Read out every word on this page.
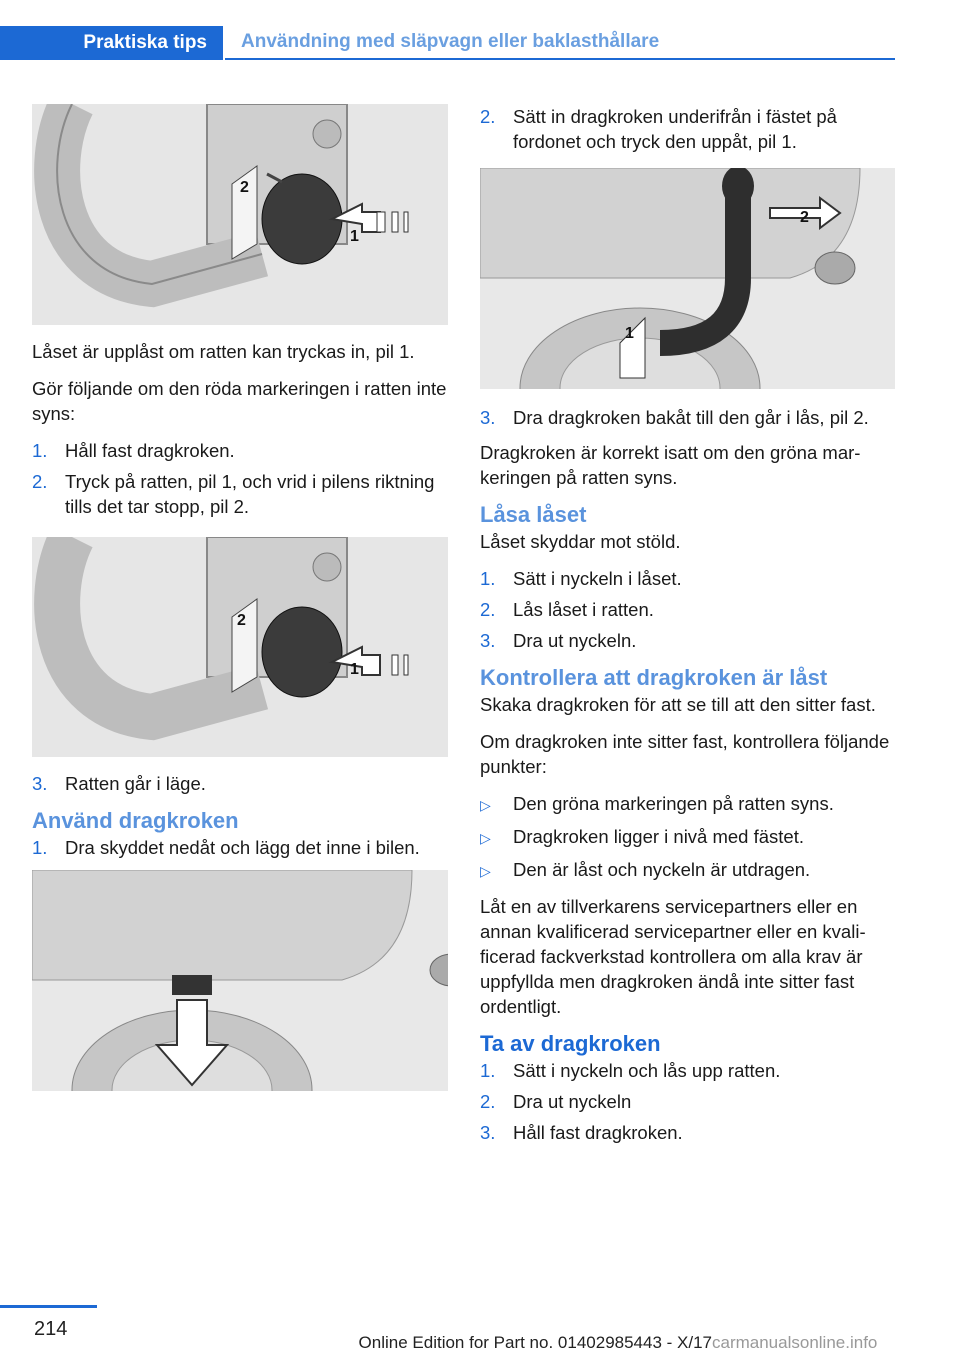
Praktiska tips	Användning med släpvagn eller baklasthållare
1
2

Låset är upplåst om ratten kan tryckas in, pil 1.

Gör följande om den röda markeringen i ratten inte syns:

1. Håll fast dragkroken.
2. Tryck på ratten, pil 1, och vrid i pilens riktning tills det tar stopp, pil 2.
1
2
3. Ratten går i läge.
Använd dragkroken
1. Dra skyddet nedåt och lägg det inne i bilen.
2. Sätt in dragkroken underifrån i fästet på fordonet och tryck den uppåt, pil 1.
2
1
3. Dra dragkroken bakåt till den går i lås, pil 2.

Dragkroken är korrekt isatt om den gröna markeringen på ratten syns.

Låsa låset

Låset skyddar mot stöld.

1. Sätt i nyckeln i låset.
2. Lås låset i ratten.
3. Dra ut nyckeln.
Kontrollera att dragkroken är låst

Skaka dragkroken för att se till att den sitter fast.

Om dragkroken inte sitter fast, kontrollera följande punkter:

▷	Den gröna markeringen på ratten syns.
▷	Dragkroken ligger i nivå med fästet.
▷	Den är låst och nyckeln är utdragen.

Låt en av tillverkarens servicepartners eller en annan kvalificerad servicepartner eller en kvalificerad fackverkstad kontrollera om alla krav är uppfyllda men dragkroken ändå inte sitter fast ordentligt.

Ta av dragkroken
1. Sätt i nyckeln och lås upp ratten.
2. Dra ut nyckeln
3. Håll fast dragkroken.
214
Online Edition for Part no. 01402985443 - X/17 carmanualsonline.info
